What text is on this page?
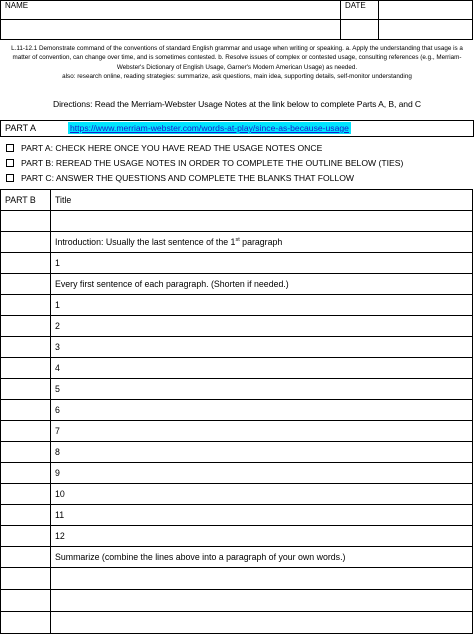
NAME	DATE	

L.11-12.1 Demonstrate command of the conventions of standard English grammar and usage when writing or speaking. a. Apply the understanding that usage is a matter of convention, can change over time, and is sometimes contested. b. Resolve issues of complex or contested usage, consulting references (e.g., Merriam-Webster's Dictionary of English Usage, Garner's Modern American Usage) as needed.
also: research online, reading strategies: summarize, ask questions, main idea, supporting details, self-monitor understanding
Directions: Read the Merriam-Webster Usage Notes at the link below to complete Parts A, B, and C
PART A	https://www.merriam-webster.com/words-at-play/since-as-because-usage
PART A: CHECK HERE ONCE YOU HAVE READ THE USAGE NOTES ONCE
PART B: REREAD THE USAGE NOTES IN ORDER TO COMPLETE THE OUTLINE BELOW (TIES)
PART C: ANSWER THE QUESTIONS AND COMPLETE THE BLANKS THAT FOLLOW
PART B	Title

	Introduction: Usually the last sentence of the 1st paragraph
	1
	Every first sentence of each paragraph. (Shorten if needed.)
	1
	2
	3
	4
	5
	6
	7
	8
	9
	10
	11
	12
	Summarize (combine the lines above into a paragraph of your own words.)
